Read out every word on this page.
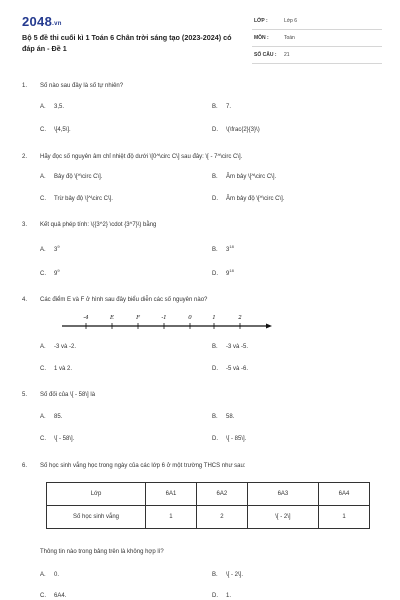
$2048_{.vn}$
Bộ 5 đề thi cuối kì 1 Toán 6 Chân trời sáng tạo (2023-2024) có đáp án - Đề 1
LỚP :	Lớp 6
MÔN :	Toán
SỐ CÂU : 21
1.	Số nào sau đây là số tự nhiên?
A. 3,5.	B. 7.
C. \[4,5\].	D. \(\frac{2}{3}\)
2.	Hãy đọc số nguyên âm chỉ nhiệt độ dưới \[0^\circ C\] sau đây: \[ - 7^\circ C\].
A. Bảy độ \[^\circ C\].	B. Âm bảy \[^\circ C\].
C. Trừ bảy độ \[^\circ C\].	D. Âm bảy độ \[^\circ C\].
3.	Kết quả phép tính: \({3^2} \cdot {3^7}\) bằng
A. $3^9$
B. $3^{18}$
C. $9^9$
D. $9^{18}$
4.	Các điểm E và F ở hình sau đây biểu diễn các số nguyên nào?
-4	E	F	-1	0	1	2
A. -3 và -2.	B. -3 và -5.
C. 1 và 2.	D. -5 và -6.
5.	Số đối của \[ - 58\] là
A. 85.	B. 58.
C. \[ - 58\].	D. \[ - 85\].
6.	Số học sinh vắng học trong ngày của các lớp 6 ở một trường THCS như sau:
Lớp	6A1	6A2	6A3	6A4
Số học sinh vắng	1	2	\[ - 2\]	1
Thông tin nào trong bảng trên là không hợp lí?
A. 0.	B. \[ - 2\].
C. 6A4.	D. 1.
